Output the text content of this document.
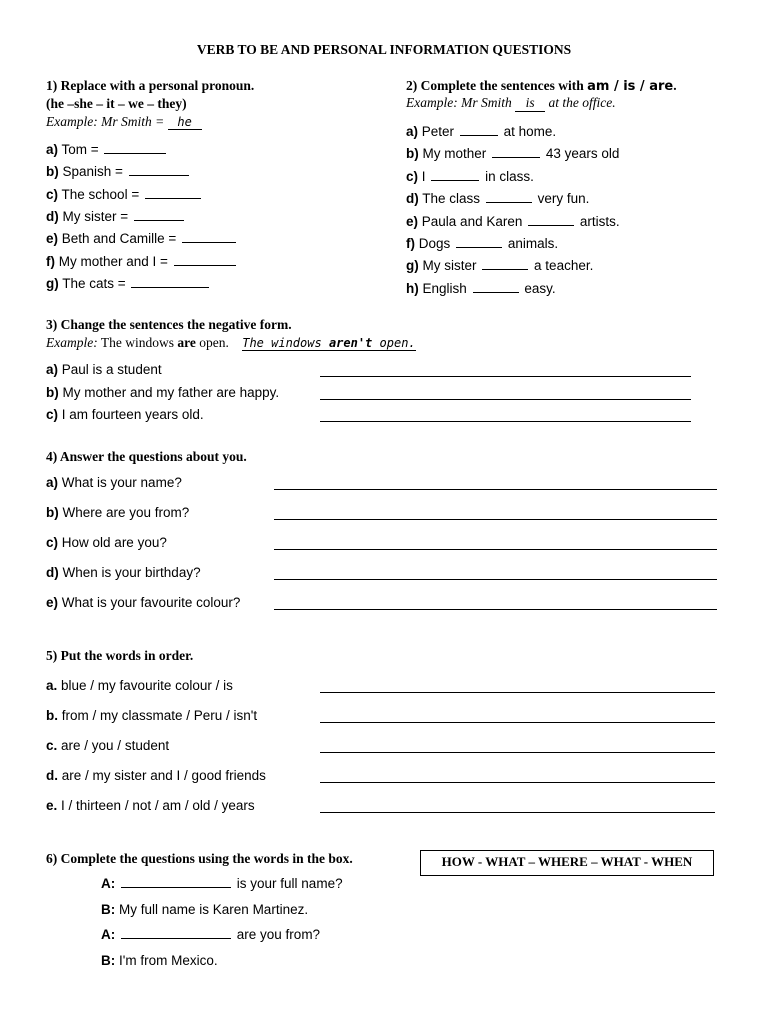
VERB TO BE AND PERSONAL INFORMATION QUESTIONS
1) Replace with a personal pronoun.
(he –she – it – we – they)
Example: Mr Smith = he
a) Tom =
b) Spanish =
c) The school =
d) My sister =
e) Beth and Camille =
f) My mother and I =
g) The cats =
2) Complete the sentences with am / is / are.
Example: Mr Smith is at the office.
a) Peter	at home.
b) My mother	43 years old
c) I	in class.
d) The class	very fun.
e) Paula and Karen	artists.
f) Dogs	animals.
g) My sister	a teacher.
h) English	easy.
3) Change the sentences the negative form.
Example: The windows are open. The windows aren't open.
a) Paul is a student
b) My mother and my father are happy.
c) I am fourteen years old.
4) Answer the questions about you.
a) What is your name?
b) Where are you from?
c) How old are you?
d) When is your birthday?
e) What is your favourite colour?
5) Put the words in order.
a. blue / my favourite colour / is
b. from / my classmate / Peru / isn't
c. are / you / student
d. are / my sister and I / good friends
e. I / thirteen / not / am / old / years
6) Complete the questions using the words in the box.	HOW - WHAT – WHERE – WHAT - WHEN
A:	is your full name?
B: My full name is Karen Martinez.
A:	are you from?
B: I'm from Mexico.
